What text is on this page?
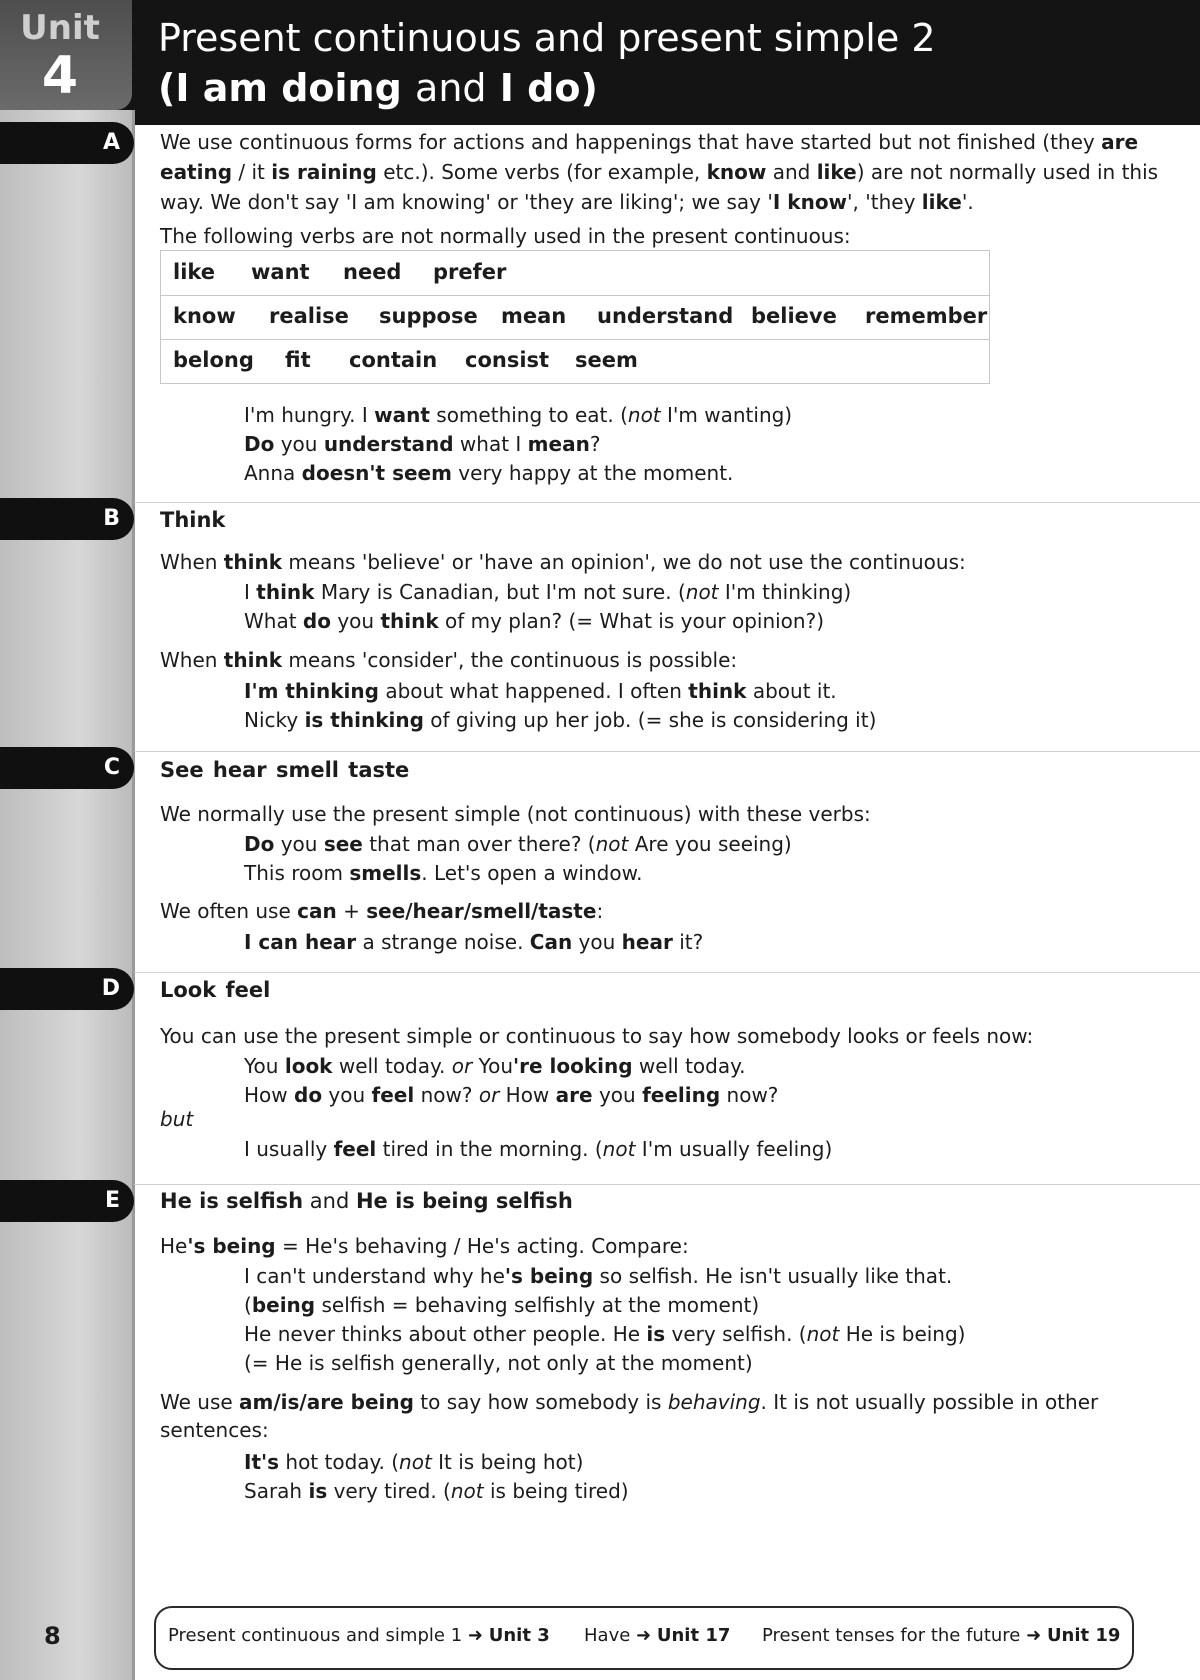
Unit
4
Present continuous and present simple 2
(I am doing and I do)
A
B
C
D
E
We use continuous forms for actions and happenings that have started but not finished (they are
eating / it is raining etc.). Some verbs (for example, know and like) are not normally used in this
way. We don't say 'I am knowing' or 'they are liking'; we say 'I know', 'they like'.
The following verbs are not normally used in the present continuous:
like want need prefer
know realise suppose mean understand believe remember
belong fit contain consist seem
I'm hungry. I want something to eat. (not I'm wanting)
Do you understand what I mean?
Anna doesn't seem very happy at the moment.
Think
When think means 'believe' or 'have an opinion', we do not use the continuous:
I think Mary is Canadian, but I'm not sure. (not I'm thinking)
What do you think of my plan? (= What is your opinion?)
When think means 'consider', the continuous is possible:
I'm thinking about what happened. I often think about it.
Nicky is thinking of giving up her job. (= she is considering it)
See hear smell taste
We normally use the present simple (not continuous) with these verbs:
Do you see that man over there? (not Are you seeing)
This room smells. Let's open a window.
We often use can + see/hear/smell/taste:
I can hear a strange noise. Can you hear it?
Look feel
You can use the present simple or continuous to say how somebody looks or feels now:
You look well today. or You're looking well today.
How do you feel now? or How are you feeling now?
but
I usually feel tired in the morning. (not I'm usually feeling)
He is selfish and He is being selfish
He's being = He's behaving / He's acting. Compare:
I can't understand why he's being so selfish. He isn't usually like that.
(being selfish = behaving selfishly at the moment)
He never thinks about other people. He is very selfish. (not He is being)
(= He is selfish generally, not only at the moment)
We use am/is/are being to say how somebody is behaving. It is not usually possible in other
sentences:
It's hot today. (not It is being hot)
Sarah is very tired. (not is being tired)
8	Present continuous and simple 1 ➜ Unit 3 Have ➜ Unit 17 Present tenses for the future ➜ Unit 19
